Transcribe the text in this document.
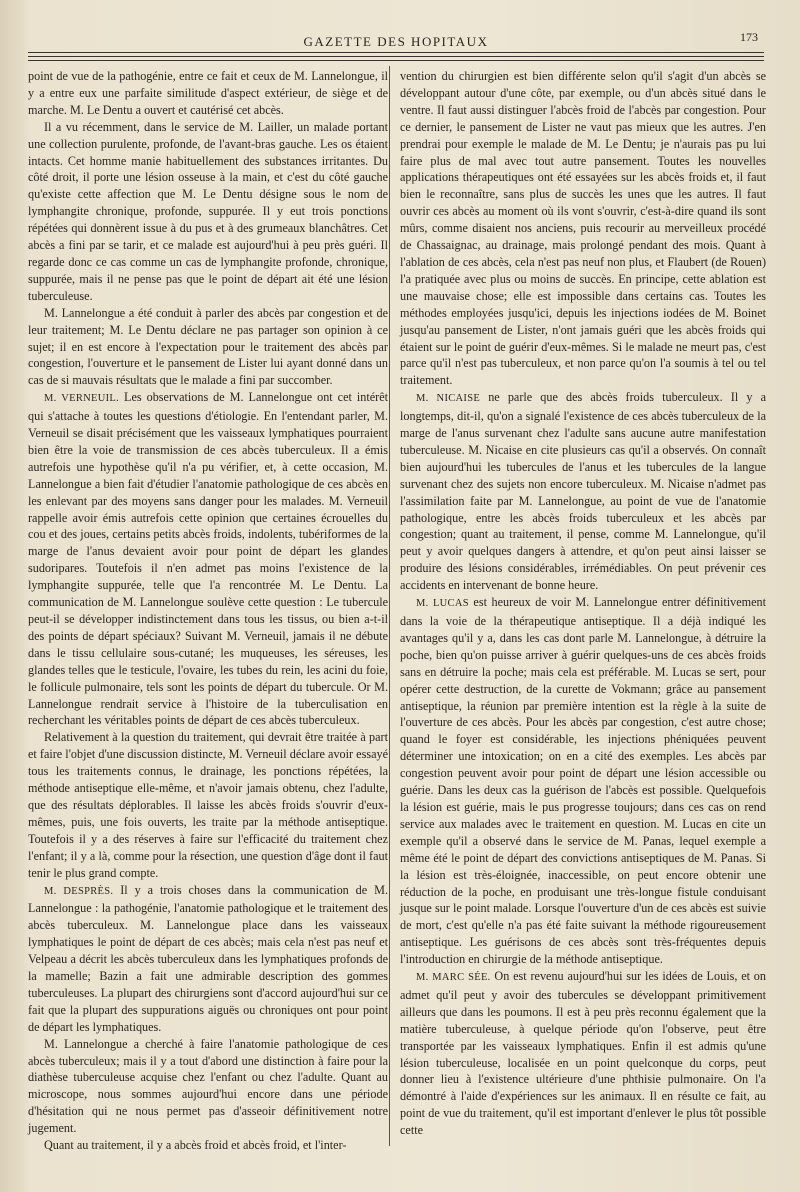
GAZETTE DES HOPITAUX	173

point de vue de la pathogénie, entre ce fait et ceux de M. Lannelongue, il y a entre eux une parfaite similitude d'aspect extérieur, de siège et de marche. M. Le Dentu a ouvert et cautérisé cet abcès.

Il a vu récemment, dans le service de M. Lailler, un malade portant une collection purulente, profonde, de l'avant-bras gauche. Les os étaient intacts. Cet homme manie habituellement des substances irritantes. Du côté droit, il porte une lésion osseuse à la main, et c'est du côté gauche qu'existe cette affection que M. Le Dentu désigne sous le nom de lymphangite chronique, profonde, suppurée. Il y eut trois ponctions répétées qui donnèrent issue à du pus et à des grumeaux blanchâtres. Cet abcès a fini par se tarir, et ce malade est aujourd'hui à peu près guéri. Il regarde donc ce cas comme un cas de lymphangite profonde, chronique, suppurée, mais il ne pense pas que le point de départ ait été une lésion tuberculeuse.

M. Lannelongue a été conduit à parler des abcès par congestion et de leur traitement; M. Le Dentu déclare ne pas partager son opinion à ce sujet; il en est encore à l'expectation pour le traitement des abcès par congestion, l'ouverture et le pansement de Lister lui ayant donné dans un cas de si mauvais résultats que le malade a fini par succomber.

M. VERNEUIL. Les observations de M. Lannelongue ont cet intérêt qui s'attache à toutes les questions d'étiologie. En l'entendant parler, M. Verneuil se disait précisément que les vaisseaux lymphatiques pourraient bien être la voie de transmission de ces abcès tuberculeux. Il a émis autrefois une hypothèse qu'il n'a pu vérifier, et, à cette occasion, M. Lannelongue a bien fait d'étudier l'anatomie pathologique de ces abcès en les enlevant par des moyens sans danger pour les malades. M. Verneuil rappelle avoir émis autrefois cette opinion que certaines écrouelles du cou et des joues, certains petits abcès froids, indolents, tubériformes de la marge de l'anus devaient avoir pour point de départ les glandes sudoripares. Toutefois il n'en admet pas moins l'existence de la lymphangite suppurée, telle que l'a rencontrée M. Le Dentu. La communication de M. Lannelongue soulève cette question : Le tubercule peut-il se développer indistinctement dans tous les tissus, ou bien a-t-il des points de départ spéciaux? Suivant M. Verneuil, jamais il ne débute dans le tissu cellulaire sous-cutané; les muqueuses, les séreuses, les glandes telles que le testicule, l'ovaire, les tubes du rein, les acini du foie, le follicule pulmonaire, tels sont les points de départ du tubercule. Or M. Lannelongue rendrait service à l'histoire de la tuberculisation en recherchant les véritables points de départ de ces abcès tuberculeux.

Relativement à la question du traitement, qui devrait être traitée à part et faire l'objet d'une discussion distincte, M. Verneuil déclare avoir essayé tous les traitements connus, le drainage, les ponctions répétées, la méthode antiseptique elle-même, et n'avoir jamais obtenu, chez l'adulte, que des résultats déplorables. Il laisse les abcès froids s'ouvrir d'eux-mêmes, puis, une fois ouverts, les traite par la méthode antiseptique. Toutefois il y a des réserves à faire sur l'efficacité du traitement chez l'enfant; il y a là, comme pour la résection, une question d'âge dont il faut tenir le plus grand compte.

M. DESPRÈS. Il y a trois choses dans la communication de M. Lannelongue : la pathogénie, l'anatomie pathologique et le traitement des abcès tuberculeux. M. Lannelongue place dans les vaisseaux lymphatiques le point de départ de ces abcès; mais cela n'est pas neuf et Velpeau a décrit les abcès tuberculeux dans les lymphatiques profonds de la mamelle; Bazin a fait une admirable description des gommes tuberculeuses. La plupart des chirurgiens sont d'accord aujourd'hui sur ce fait que la plupart des suppurations aiguës ou chroniques ont pour point de départ les lymphatiques.

M. Lannelongue a cherché à faire l'anatomie pathologique de ces abcès tuberculeux; mais il y a tout d'abord une distinction à faire pour la diathèse tuberculeuse acquise chez l'enfant ou chez l'adulte. Quant au microscope, nous sommes aujourd'hui encore dans une période d'hésitation qui ne nous permet pas d'asseoir définitivement notre jugement.

Quant au traitement, il y a abcès froid et abcès froid, et l'inter-

vention du chirurgien est bien différente selon qu'il s'agit d'un abcès se développant autour d'une côte, par exemple, ou d'un abcès situé dans le ventre. Il faut aussi distinguer l'abcès froid de l'abcès par congestion. Pour ce dernier, le pansement de Lister ne vaut pas mieux que les autres. J'en prendrai pour exemple le malade de M. Le Dentu; je n'aurais pas pu lui faire plus de mal avec tout autre pansement. Toutes les nouvelles applications thérapeutiques ont été essayées sur les abcès froids et, il faut bien le reconnaître, sans plus de succès les unes que les autres. Il faut ouvrir ces abcès au moment où ils vont s'ouvrir, c'est-à-dire quand ils sont mûrs, comme disaient nos anciens, puis recourir au merveilleux procédé de Chassaignac, au drainage, mais prolongé pendant des mois. Quant à l'ablation de ces abcès, cela n'est pas neuf non plus, et Flaubert (de Rouen) l'a pratiquée avec plus ou moins de succès. En principe, cette ablation est une mauvaise chose; elle est impossible dans certains cas. Toutes les méthodes employées jusqu'ici, depuis les injections iodées de M. Boinet jusqu'au pansement de Lister, n'ont jamais guéri que les abcès froids qui étaient sur le point de guérir d'eux-mêmes. Si le malade ne meurt pas, c'est parce qu'il n'est pas tuberculeux, et non parce qu'on l'a soumis à tel ou tel traitement.

M. NICAISE ne parle que des abcès froids tuberculeux. Il y a longtemps, dit-il, qu'on a signalé l'existence de ces abcès tuberculeux de la marge de l'anus survenant chez l'adulte sans aucune autre manifestation tuberculeuse. M. Nicaise en cite plusieurs cas qu'il a observés. On connaît bien aujourd'hui les tubercules de l'anus et les tubercules de la langue survenant chez des sujets non encore tuberculeux. M. Nicaise n'admet pas l'assimilation faite par M. Lannelongue, au point de vue de l'anatomie pathologique, entre les abcès froids tuberculeux et les abcès par congestion; quant au traitement, il pense, comme M. Lannelongue, qu'il peut y avoir quelques dangers à attendre, et qu'on peut ainsi laisser se produire des lésions considérables, irrémédiables. On peut prévenir ces accidents en intervenant de bonne heure.

M. LUCAS est heureux de voir M. Lannelongue entrer définitivement dans la voie de la thérapeutique antiseptique. Il a déjà indiqué les avantages qu'il y a, dans les cas dont parle M. Lannelongue, à détruire la poche, bien qu'on puisse arriver à guérir quelques-uns de ces abcès froids sans en détruire la poche; mais cela est préférable. M. Lucas se sert, pour opérer cette destruction, de la curette de Vokmann; grâce au pansement antiseptique, la réunion par première intention est la règle à la suite de l'ouverture de ces abcès. Pour les abcès par congestion, c'est autre chose; quand le foyer est considérable, les injections phéniquées peuvent déterminer une intoxication; on en a cité des exemples. Les abcès par congestion peuvent avoir pour point de départ une lésion accessible ou guérie. Dans les deux cas la guérison de l'abcès est possible. Quelquefois la lésion est guérie, mais le pus progresse toujours; dans ces cas on rend service aux malades avec le traitement en question. M. Lucas en cite un exemple qu'il a observé dans le service de M. Panas, lequel exemple a même été le point de départ des convictions antiseptiques de M. Panas. Si la lésion est très-éloignée, inaccessible, on peut encore obtenir une réduction de la poche, en produisant une très-longue fistule conduisant jusque sur le point malade. Lorsque l'ouverture d'un de ces abcès est suivie de mort, c'est qu'elle n'a pas été faite suivant la méthode rigoureusement antiseptique. Les guérisons de ces abcès sont très-fréquentes depuis l'introduction en chirurgie de la méthode antiseptique.

M. MARC SÉE. On est revenu aujourd'hui sur les idées de Louis, et on admet qu'il peut y avoir des tubercules se développant primitivement ailleurs que dans les poumons. Il est à peu près reconnu également que la matière tuberculeuse, à quelque période qu'on l'observe, peut être transportée par les vaisseaux lymphatiques. Enfin il est admis qu'une lésion tuberculeuse, localisée en un point quelconque du corps, peut donner lieu à l'existence ultérieure d'une phthisie pulmonaire. On l'a démontré à l'aide d'expériences sur les animaux. Il en résulte ce fait, au point de vue du traitement, qu'il est important d'enlever le plus tôt possible cette
